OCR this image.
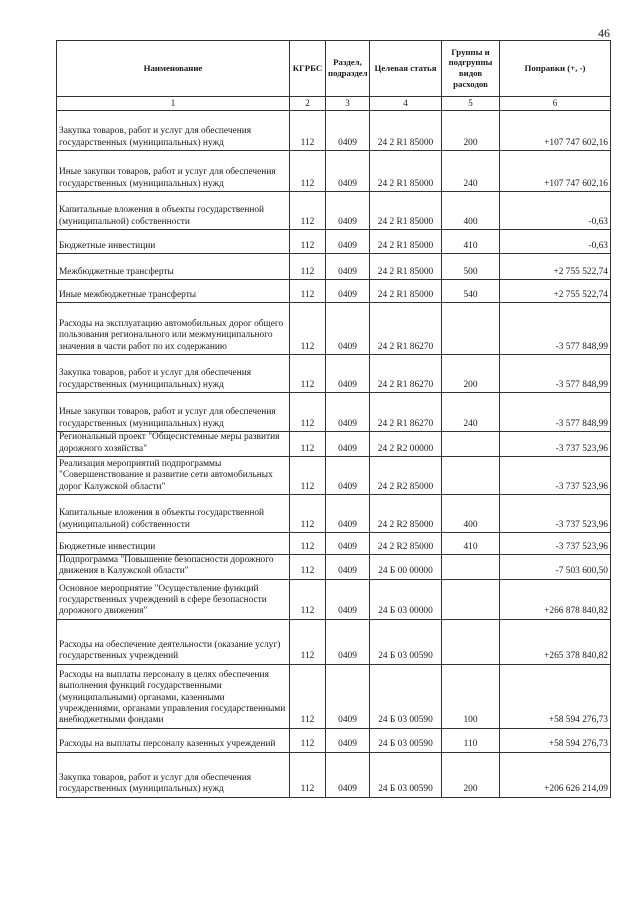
46
Наименование	КГРБС	Раздел, подраздел	Целевая статья	Группы и подгруппы видов расходов	Поправки (+, -)
1	2	3	4	5	6
Закупка товаров, работ и услуг для обеспечения государственных (муниципальных) нужд	112	0409	24 2 R1 85000	200	+107 747 602,16
Иные закупки товаров, работ и услуг для обеспечения государственных (муниципальных) нужд	112	0409	24 2 R1 85000	240	+107 747 602,16
Капитальные вложения в объекты государственной (муниципальной) собственности	112	0409	24 2 R1 85000	400	-0,63
Бюджетные инвестиции	112	0409	24 2 R1 85000	410	-0,63
Межбюджетные трансферты	112	0409	24 2 R1 85000	500	+2 755 522,74
Иные межбюджетные трансферты	112	0409	24 2 R1 85000	540	+2 755 522,74
Расходы на эксплуатацию автомобильных дорог общего пользования регионального или межмуниципального значения в части работ по их содержанию	112	0409	24 2 R1 86270		-3 577 848,99
Закупка товаров, работ и услуг для обеспечения государственных (муниципальных) нужд	112	0409	24 2 R1 86270	200	-3 577 848,99
Иные закупки товаров, работ и услуг для обеспечения государственных (муниципальных) нужд	112	0409	24 2 R1 86270	240	-3 577 848,99
Региональный проект "Общесистемные меры развития дорожного хозяйства"	112	0409	24 2 R2 00000		-3 737 523,96
Реализация мероприятий подпрограммы "Совершенствование и развитие сети автомобильных дорог Калужской области"	112	0409	24 2 R2 85000		-3 737 523,96
Капитальные вложения в объекты государственной (муниципальной) собственности	112	0409	24 2 R2 85000	400	-3 737 523,96
Бюджетные инвестиции	112	0409	24 2 R2 85000	410	-3 737 523,96
Подпрограмма "Повышение безопасности дорожного движения в Калужской области"	112	0409	24 Б 00 00000		-7 503 600,50
Основное мероприятие "Осуществление функций государственных учреждений в сфере безопасности дорожного движения"	112	0409	24 Б 03 00000		+266 878 840,82
Расходы на обеспечение деятельности (оказание услуг) государственных учреждений	112	0409	24 Б 03 00590		+265 378 840,82
Расходы на выплаты персоналу в целях обеспечения выполнения функций государственными (муниципальными) органами, казенными учреждениями, органами управления государственными внебюджетными фондами	112	0409	24 Б 03 00590	100	+58 594 276,73
Расходы на выплаты персоналу казенных учреждений	112	0409	24 Б 03 00590	110	+58 594 276,73
Закупка товаров, работ и услуг для обеспечения государственных (муниципальных) нужд	112	0409	24 Б 03 00590	200	+206 626 214,09
